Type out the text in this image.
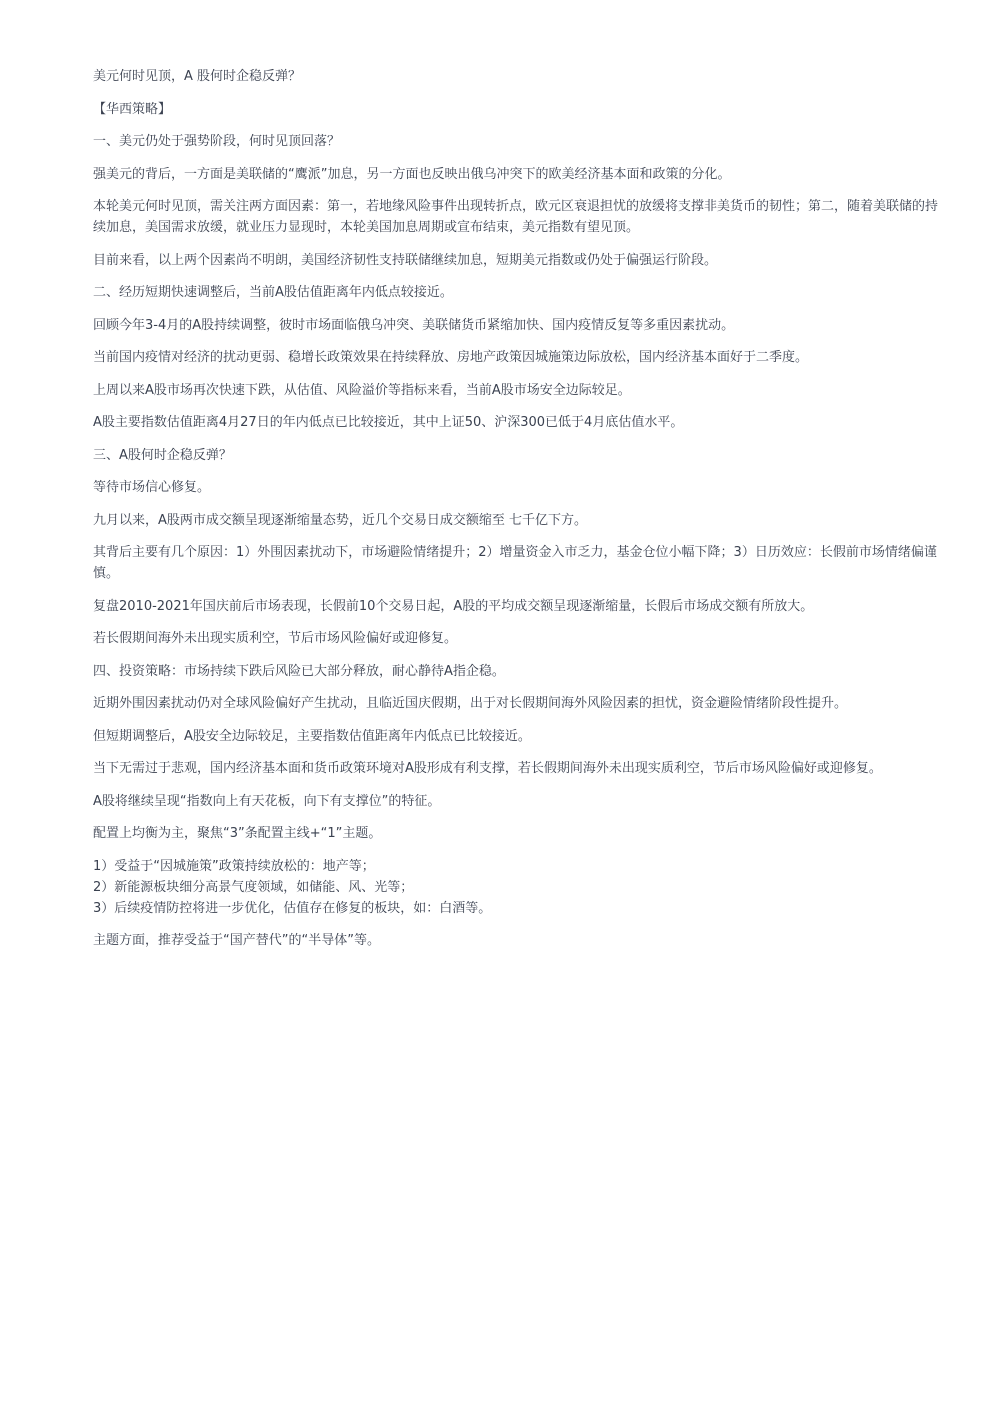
美元何时见顶，A 股何时企稳反弹？

【华西策略】

一、美元仍处于强势阶段，何时见顶回落？

强美元的背后，一方面是美联储的“鹰派”加息，另一方面也反映出俄乌冲突下的欧美经济基本面和政策的分化。

本轮美元何时见顶，需关注两方面因素：第一，若地缘风险事件出现转折点，欧元区衰退担忧的放缓将支撑非美货币的韧性；第二，随着美联储的持续加息，美国需求放缓，就业压力显现时，本轮美国加息周期或宣布结束，美元指数有望见顶。

目前来看，以上两个因素尚不明朗，美国经济韧性支持联储继续加息，短期美元指数或仍处于偏强运行阶段。

二、经历短期快速调整后，当前A股估值距离年内低点较接近。

回顾今年3-4月的A股持续调整，彼时市场面临俄乌冲突、美联储货币紧缩加快、国内疫情反复等多重因素扰动。

当前国内疫情对经济的扰动更弱、稳增长政策效果在持续释放、房地产政策因城施策边际放松，国内经济基本面好于二季度。

上周以来A股市场再次快速下跌，从估值、风险溢价等指标来看，当前A股市场安全边际较足。

A股主要指数估值距离4月27日的年内低点已比较接近，其中上证50、沪深300已低于4月底估值水平。

三、A股何时企稳反弹？

等待市场信心修复。

九月以来，A股两市成交额呈现逐渐缩量态势，近几个交易日成交额缩至 七千亿下方。

其背后主要有几个原因：1）外围因素扰动下，市场避险情绪提升；2）增量资金入市乏力，基金仓位小幅下降；3）日历效应：长假前市场情绪偏谨慎。

复盘2010-2021年国庆前后市场表现，长假前10个交易日起，A股的平均成交额呈现逐渐缩量，长假后市场成交额有所放大。

若长假期间海外未出现实质利空，节后市场风险偏好或迎修复。

四、投资策略：市场持续下跌后风险已大部分释放，耐心静待A指企稳。

近期外围因素扰动仍对全球风险偏好产生扰动，且临近国庆假期，出于对长假期间海外风险因素的担忧，资金避险情绪阶段性提升。

但短期调整后，A股安全边际较足，主要指数估值距离年内低点已比较接近。

当下无需过于悲观，国内经济基本面和货币政策环境对A股形成有利支撑，若长假期间海外未出现实质利空，节后市场风险偏好或迎修复。

A股将继续呈现“指数向上有天花板，向下有支撑位”的特征。

配置上均衡为主，聚焦“3”条配置主线+“1”主题。

1）受益于“因城施策”政策持续放松的：地产等；

2）新能源板块细分高景气度领域，如储能、风、光等；

3）后续疫情防控将进一步优化，估值存在修复的板块，如：白酒等。

主题方面，推荐受益于“国产替代”的“半导体”等。
